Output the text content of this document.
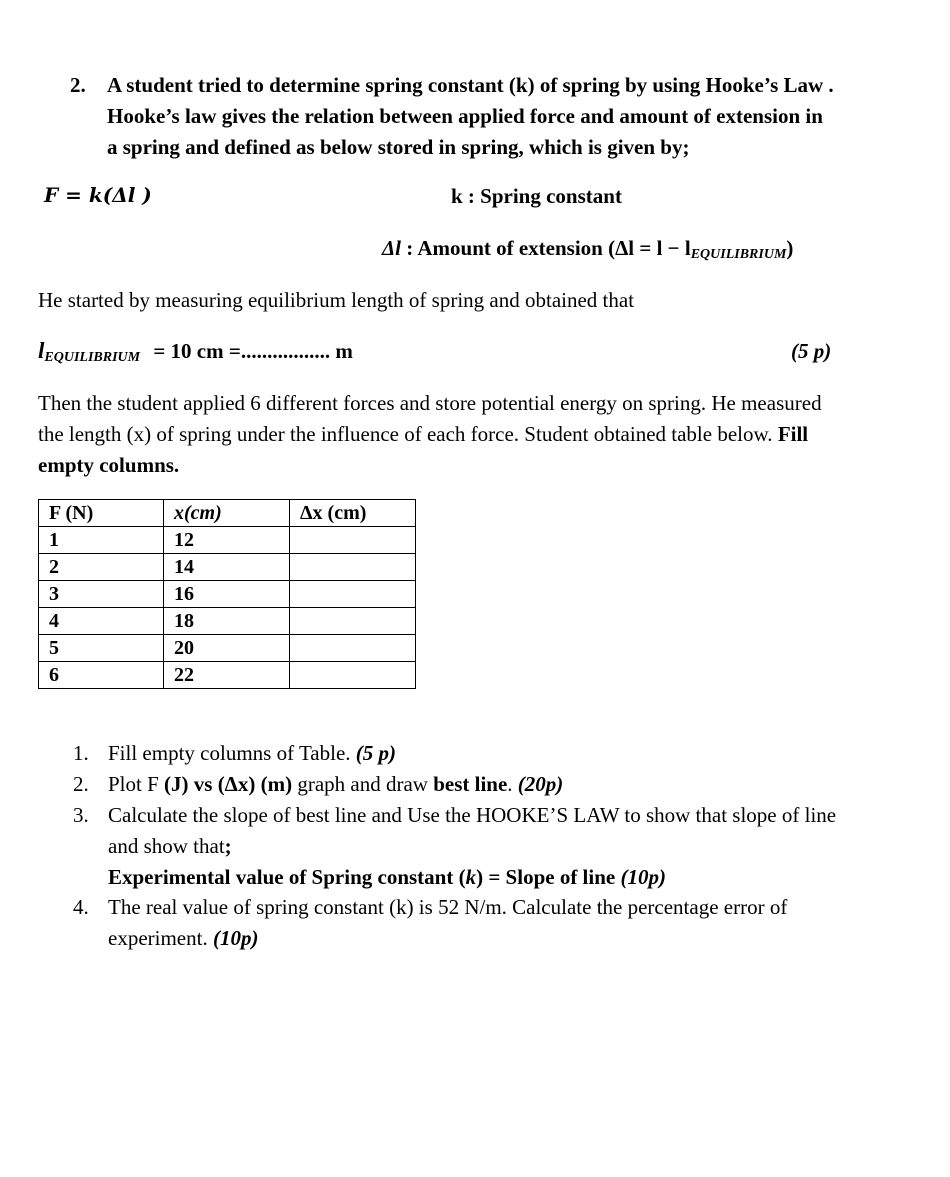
2. A student tried to determine spring constant (k) of spring by using Hooke’s Law .
Hooke’s law gives the relation between applied force and amount of extension in
a spring and defined as below stored in spring, which is given by;
F = k(Δl )	k : Spring constant
Δl : Amount of extension $(\Delta l = l - l_{EQUILIBRIUM})$
He started by measuring equilibrium length of spring and obtained that
$l_{EQUILIBRIUM} = 10$ cm =................. m	(5 p)
Then the student applied 6 different forces and store potential energy on spring. He measured
the length (x) of spring under the influence of each force. Student obtained table below. Fill
empty columns.
F (N)	x(cm)	Δx (cm)
1	12	
2	14	
3	16	
4	18	
5	20	
6	22	
1. Fill empty columns of Table. (5 p)
2. Plot F (J) vs (Δx) (m) graph and draw best line. (20p)
3. Calculate the slope of best line and Use the HOOKE’S LAW to show that slope of line
and show that;
Experimental value of Spring constant (k) = Slope of line (10p)
4. The real value of spring constant (k) is 52 N/m. Calculate the percentage error of
experiment. (10p)
